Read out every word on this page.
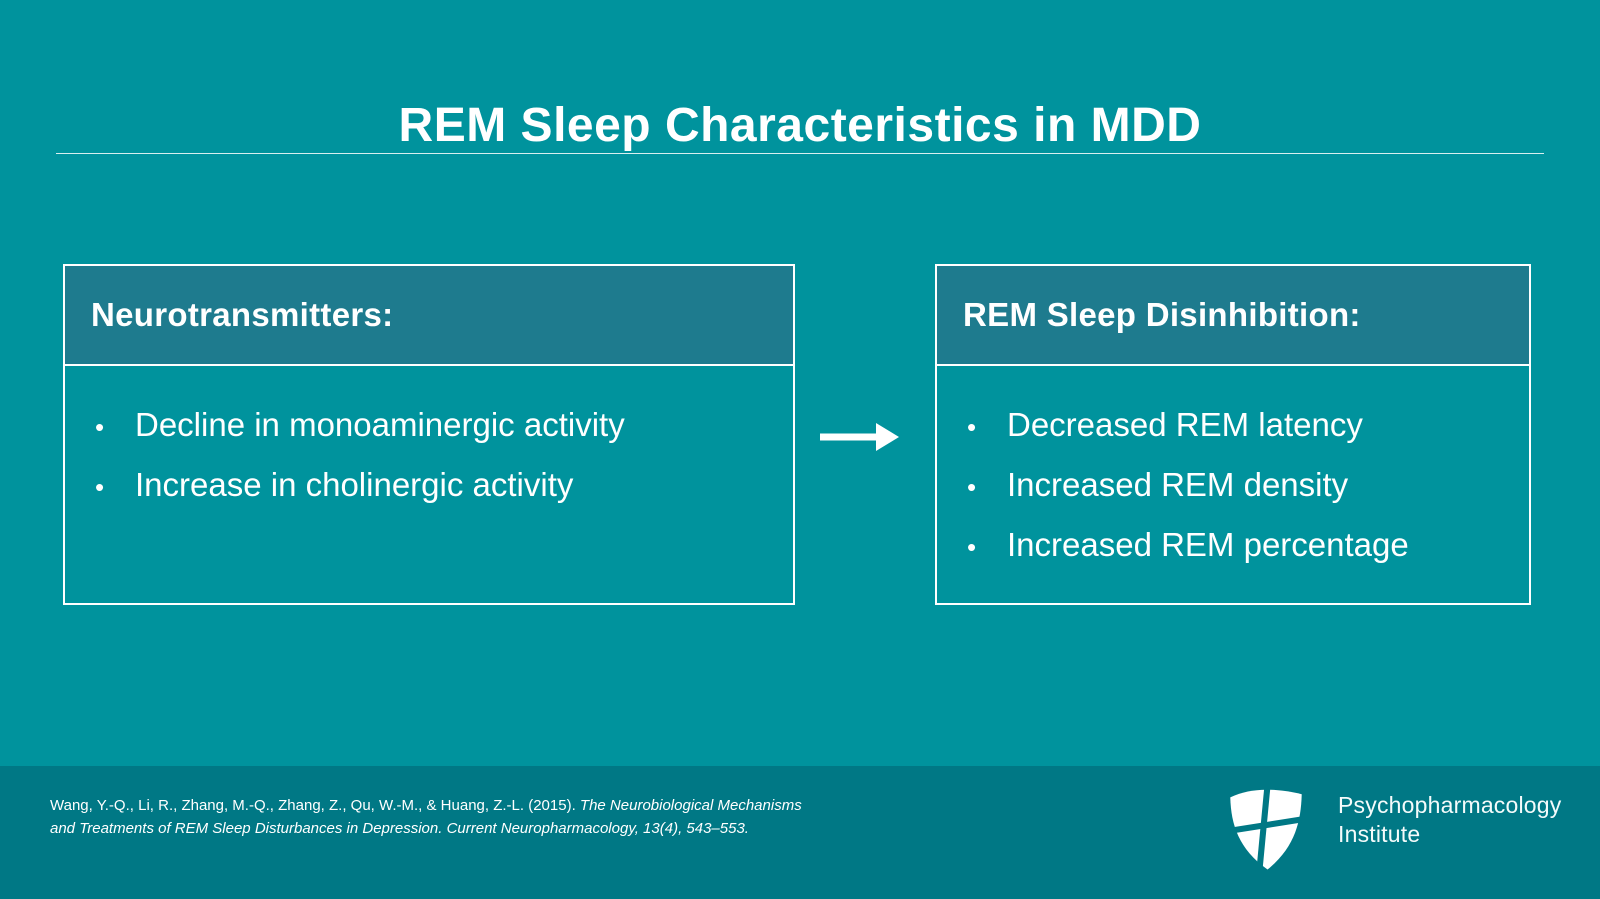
REM Sleep Characteristics in MDD
Neurotransmitters:
• Decline in monoaminergic activity
• Increase in cholinergic activity
REM Sleep Disinhibition:
• Decreased REM latency
• Increased REM density
• Increased REM percentage
Wang, Y.-Q., Li, R., Zhang, M.-Q., Zhang, Z., Qu, W.-M., & Huang, Z.-L. (2015). The Neurobiological Mechanisms
and Treatments of REM Sleep Disturbances in Depression. Current Neuropharmacology, 13(4), 543–553.
Psychopharmacology
Institute
